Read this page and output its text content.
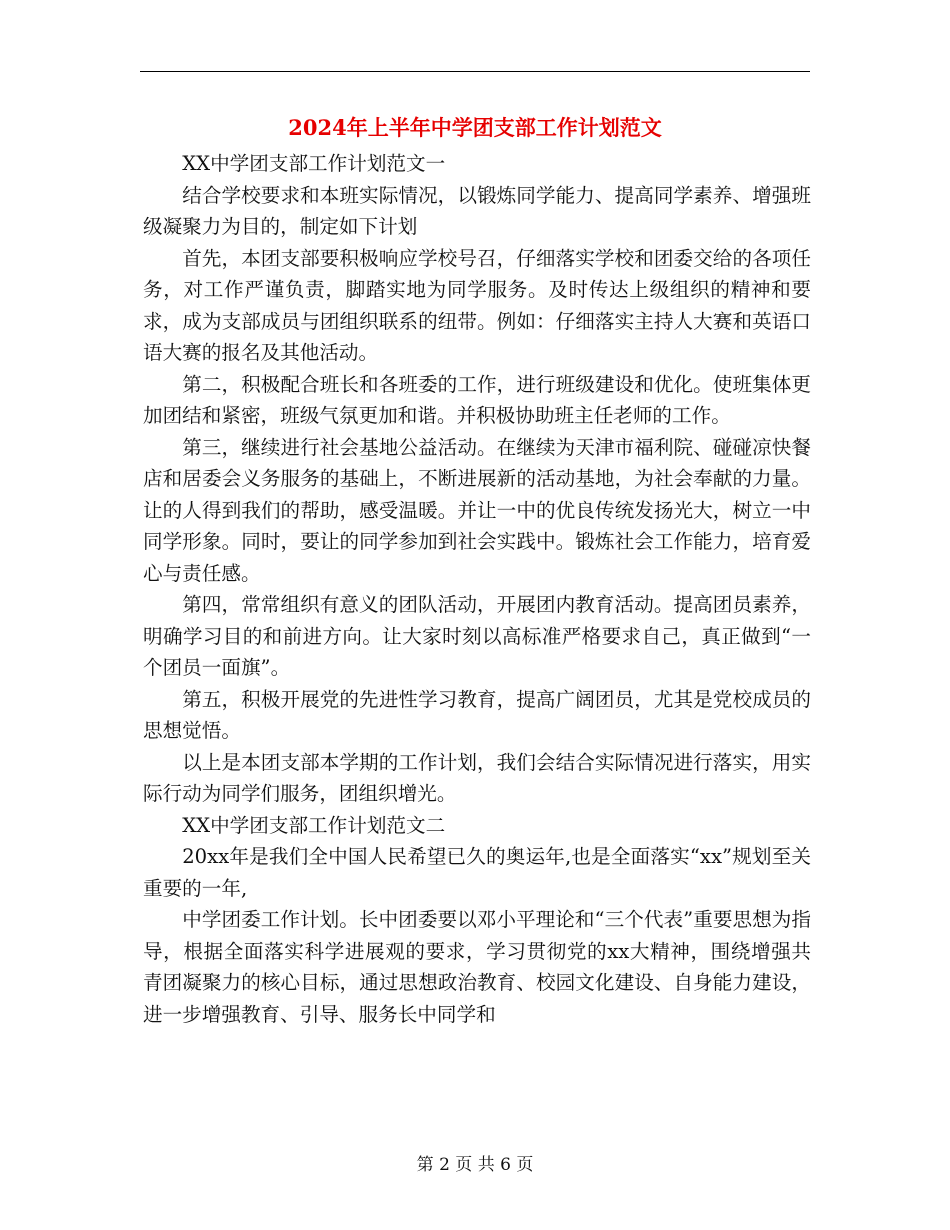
2024年上半年中学团支部工作计划范文

XX中学团支部工作计划范文一

结合学校要求和本班实际情况，以锻炼同学能力、提高同学素养、增强班级凝聚力为目的，制定如下计划

首先，本团支部要积极响应学校号召，仔细落实学校和团委交给的各项任务，对工作严谨负责，脚踏实地为同学服务。及时传达上级组织的精神和要求，成为支部成员与团组织联系的纽带。例如：仔细落实主持人大赛和英语口语大赛的报名及其他活动。

第二，积极配合班长和各班委的工作，进行班级建设和优化。使班集体更加团结和紧密，班级气氛更加和谐。并积极协助班主任老师的工作。

第三，继续进行社会基地公益活动。在继续为天津市福利院、碰碰凉快餐店和居委会义务服务的基础上，不断进展新的活动基地，为社会奉献的力量。让的人得到我们的帮助，感受温暖。并让一中的优良传统发扬光大，树立一中同学形象。同时，要让的同学参加到社会实践中。锻炼社会工作能力，培育爱心与责任感。

第四，常常组织有意义的团队活动，开展团内教育活动。提高团员素养，明确学习目的和前进方向。让大家时刻以高标准严格要求自己，真正做到“一个团员一面旗”。

第五，积极开展党的先进性学习教育，提高广阔团员，尤其是党校成员的思想觉悟。

以上是本团支部本学期的工作计划，我们会结合实际情况进行落实，用实际行动为同学们服务，团组织增光。

XX中学团支部工作计划范文二

20xx年是我们全中国人民希望已久的奥运年,也是全面落实“xx”规划至关重要的一年,

中学团委工作计划。长中团委要以邓小平理论和“三个代表”重要思想为指导，根据全面落实科学进展观的要求，学习贯彻党的xx大精神，围绕增强共青团凝聚力的核心目标，通过思想政治教育、校园文化建设、自身能力建设，进一步增强教育、引导、服务长中同学和

第 2 页 共 6 页
